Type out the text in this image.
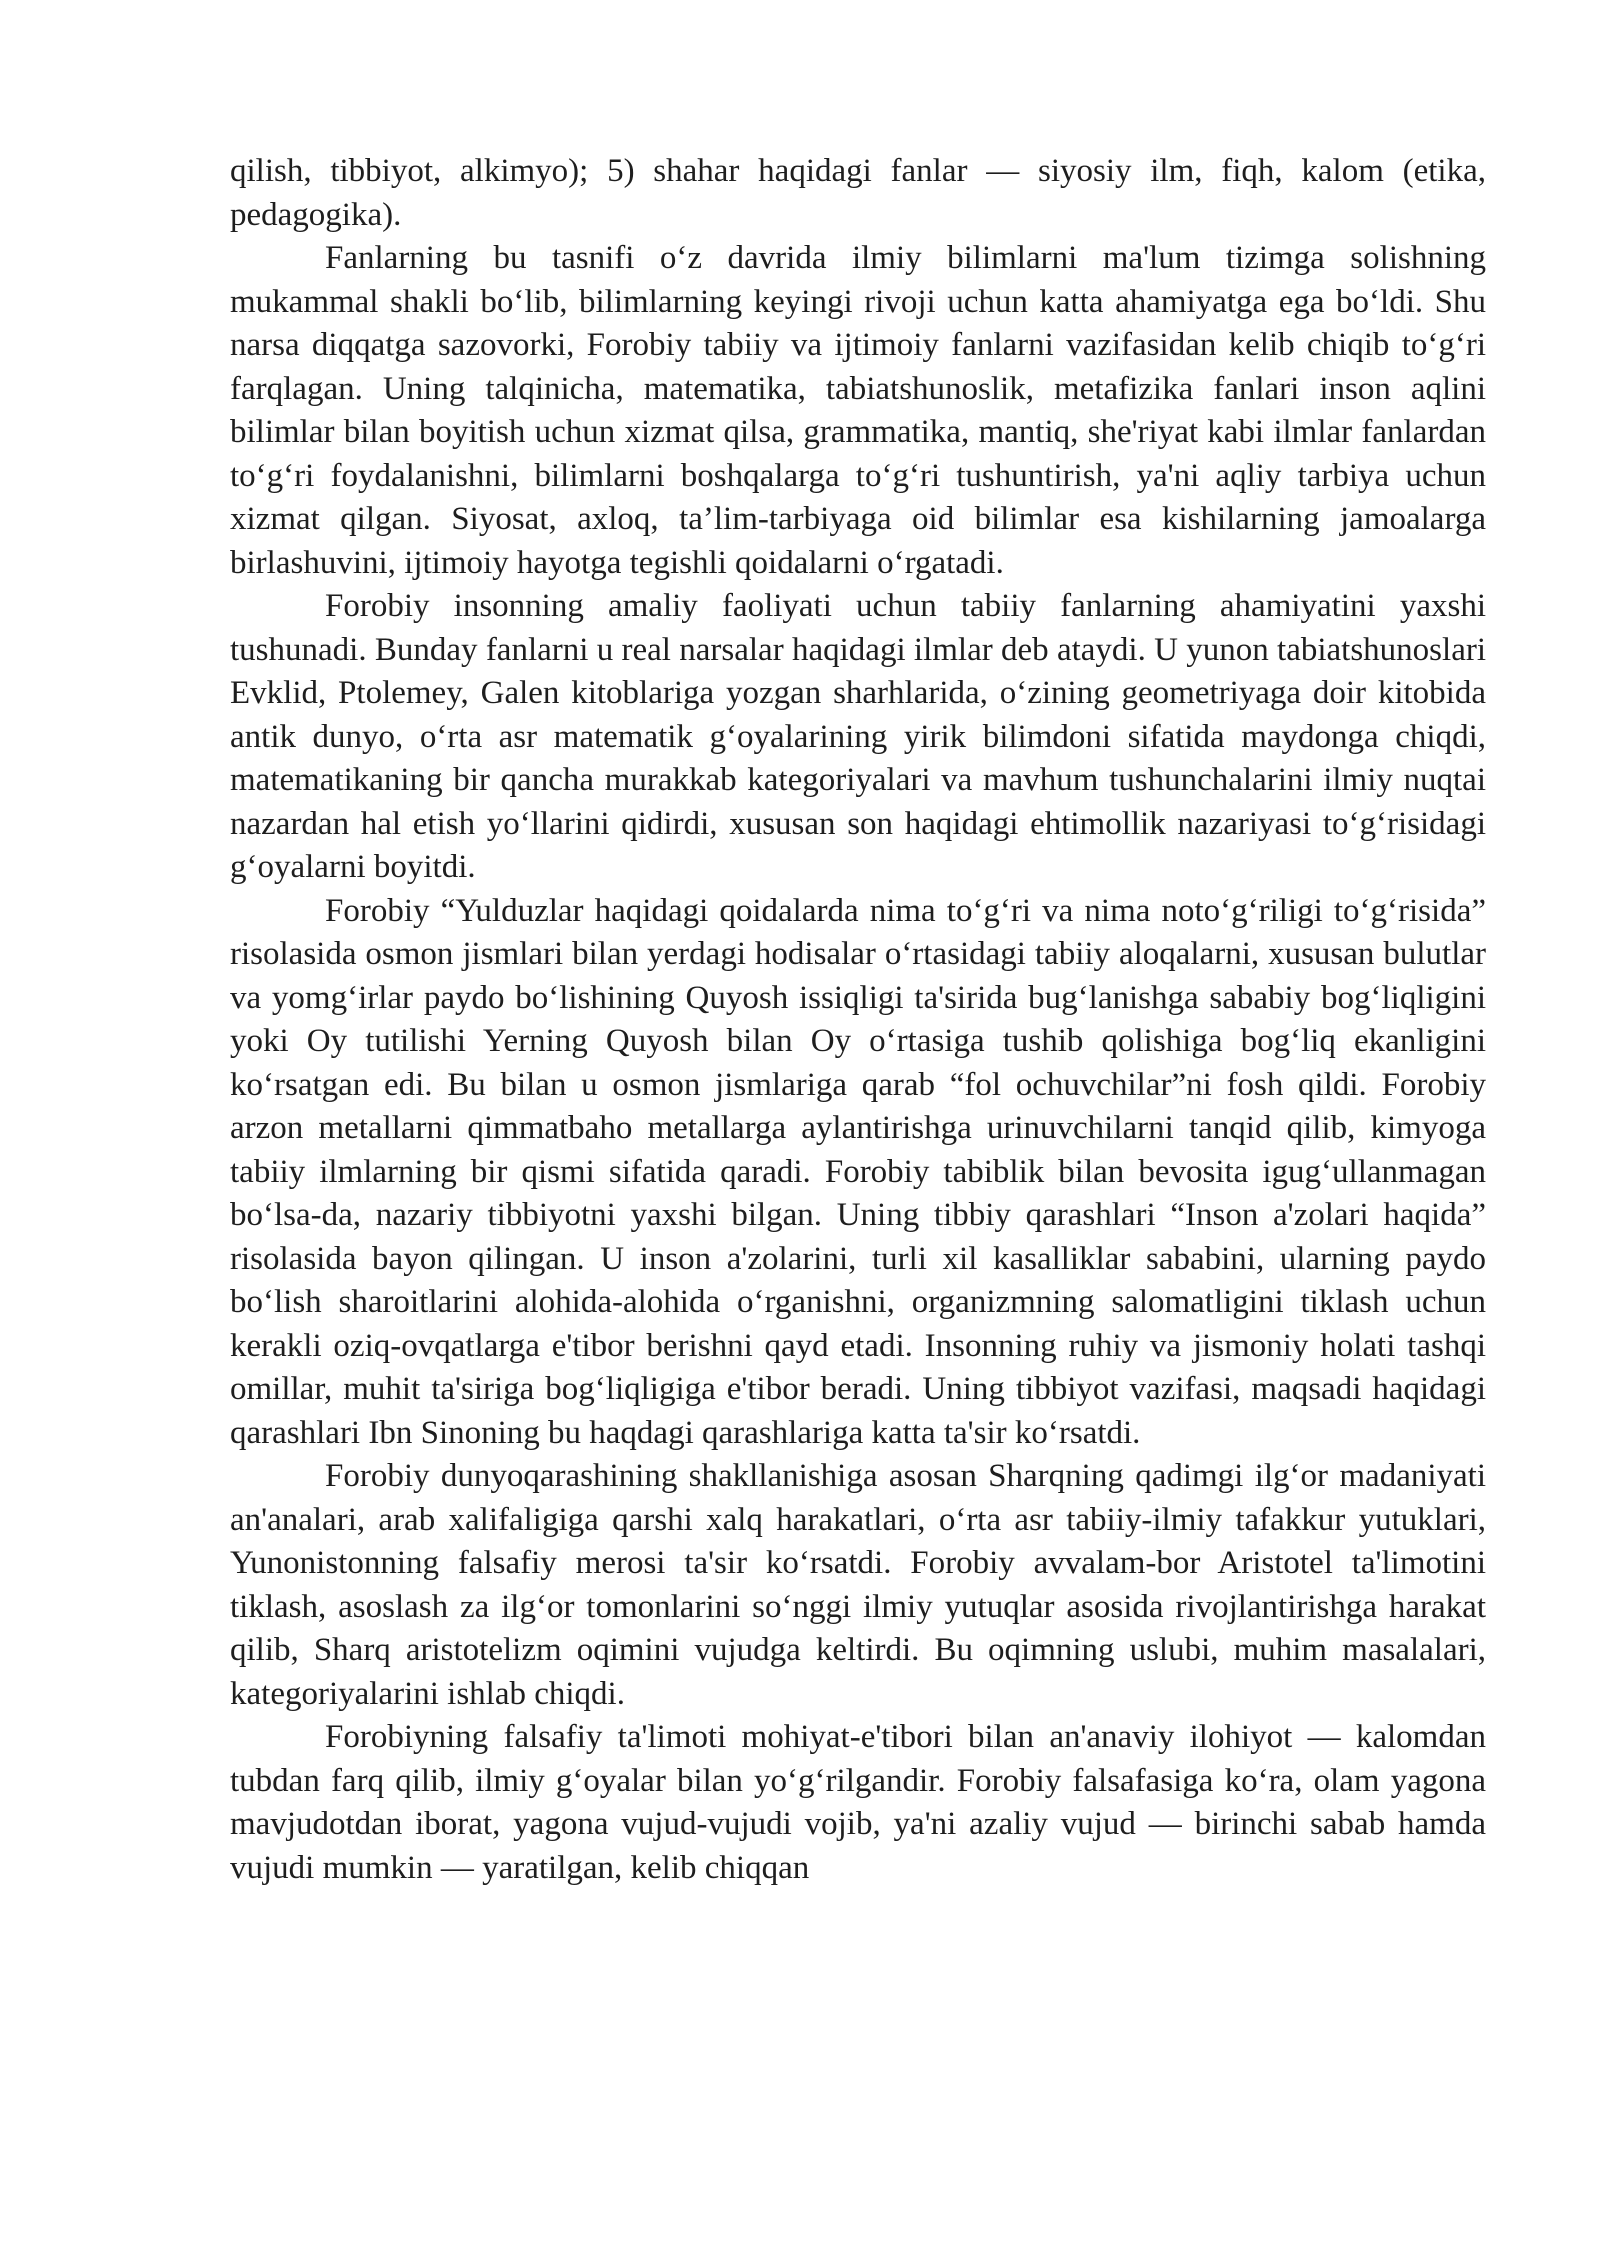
qilish, tibbiyot, alkimyo); 5) shahar haqidagi fanlar — siyosiy ilm, fiqh, kalom (etika, pedagogika).

Fanlarning bu tasnifi o‘z davrida ilmiy bilimlarni ma'lum tizimga solishning mukammal shakli bo‘lib, bilimlarning keyingi rivoji uchun katta ahamiyatga ega bo‘ldi. Shu narsa diqqatga sazovorki, Forobiy tabiiy va ijtimoiy fanlarni vazifasidan kelib chiqib to‘g‘ri farqlagan. Uning talqinicha, matematika, tabiatshunoslik, metafizika fanlari inson aqlini bilimlar bilan boyitish uchun xizmat qilsa, grammatika, mantiq, she'riyat kabi ilmlar fanlardan to‘g‘ri foydalanishni, bilimlarni boshqalarga to‘g‘ri tushuntirish, ya'ni aqliy tarbiya uchun xizmat qilgan. Siyosat, axloq, ta’lim-tarbiyaga oid bilimlar esa kishilarning jamoalarga birlashuvini, ijtimoiy hayotga tegishli qoidalarni o‘rgatadi.

Forobiy insonning amaliy faoliyati uchun tabiiy fanlarning ahamiyatini yaxshi tushunadi. Bunday fanlarni u real narsalar haqidagi ilmlar deb ataydi. U yunon tabiatshunoslari Evklid, Ptolemey, Galen kitoblariga yozgan sharhlarida, o‘zining geometriyaga doir kitobida antik dunyo, o‘rta asr matematik g‘oyalarining yirik bilimdoni sifatida maydonga chiqdi, matematikaning bir qancha murakkab kategoriyalari va mavhum tushunchalarini ilmiy nuqtai nazardan hal etish yo‘llarini qidirdi, xususan son haqidagi ehtimollik nazariyasi to‘g‘risidagi g‘oyalarni boyitdi.

Forobiy “Yulduzlar haqidagi qoidalarda nima to‘g‘ri va nima noto‘g‘riligi to‘g‘risida” risolasida osmon jismlari bilan yerdagi hodisalar o‘rtasidagi tabiiy aloqalarni, xususan bulutlar va yomg‘irlar paydo bo‘lishining Quyosh issiqligi ta'sirida bug‘lanishga sababiy bog‘liqligini yoki Oy tutilishi Yerning Quyosh bilan Oy o‘rtasiga tushib qolishiga bog‘liq ekanligini ko‘rsatgan edi. Bu bilan u osmon jismlariga qarab “fol ochuvchilar”ni fosh qildi. Forobiy arzon metallarni qimmatbaho metallarga aylantirishga urinuvchilarni tanqid qilib, kimyoga tabiiy ilmlarning bir qismi sifatida qaradi. Forobiy tabiblik bilan bevosita igug‘ullanmagan bo‘lsa-da, nazariy tibbiyotni yaxshi bilgan. Uning tibbiy qarashlari “Inson a'zolari haqida” risolasida bayon qilingan. U inson a'zolarini, turli xil kasalliklar sababini, ularning paydo bo‘lish sharoitlarini alohida-alohida o‘rganishni, organizmning salomatligini tiklash uchun kerakli oziq-ovqatlarga e'tibor berishni qayd etadi. Insonning ruhiy va jismoniy holati tashqi omillar, muhit ta'siriga bog‘liqligiga e'tibor beradi. Uning tibbiyot vazifasi, maqsadi haqidagi qarashlari Ibn Sinoning bu haqdagi qarashlariga katta ta'sir ko‘rsatdi.

Forobiy dunyoqarashining shakllanishiga asosan Sharqning qadimgi ilg‘or madaniyati an'analari, arab xalifaligiga qarshi xalq harakatlari, o‘rta asr tabiiy-ilmiy tafakkur yutuklari, Yunonistonning falsafiy merosi ta'sir ko‘rsatdi. Forobiy avvalam-bor Aristotel ta'limotini tiklash, asoslash za ilg‘or tomonlarini so‘nggi ilmiy yutuqlar asosida rivojlantirishga harakat qilib, Sharq aristotelizm oqimini vujudga keltirdi. Bu oqimning uslubi, muhim masalalari, kategoriyalarini ishlab chiqdi.

Forobiyning falsafiy ta'limoti mohiyat-e'tibori bilan an'anaviy ilohiyot — kalomdan tubdan farq qilib, ilmiy g‘oyalar bilan yo‘g‘rilgandir. Forobiy falsafasiga ko‘ra, olam yagona mavjudotdan iborat, yagona vujud-vujudi vojib, ya'ni azaliy vujud — birinchi sabab hamda vujudi mumkin — yaratilgan, kelib chiqqan
